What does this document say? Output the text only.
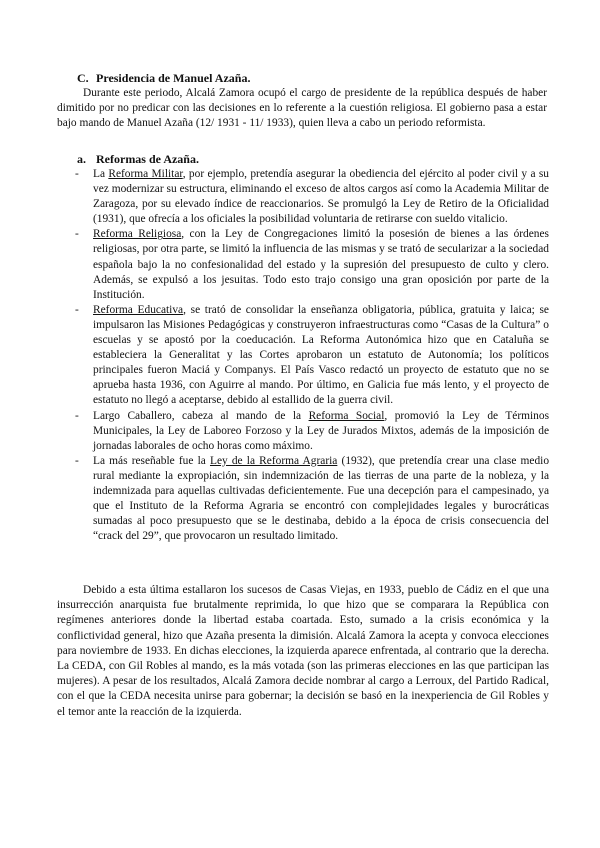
C. Presidencia de Manuel Azaña.

Durante este periodo, Alcalá Zamora ocupó el cargo de presidente de la república después de haber dimitido por no predicar con las decisiones en lo referente a la cuestión religiosa. El gobierno pasa a estar bajo mando de Manuel Azaña (12/ 1931 - 11/ 1933), quien lleva a cabo un periodo reformista.

a. Reformas de Azaña.
- La Reforma Militar, por ejemplo, pretendía asegurar la obediencia del ejército al poder civil y a su vez modernizar su estructura, eliminando el exceso de altos cargos así como la Academia Militar de Zaragoza, por su elevado índice de reaccionarios. Se promulgó la Ley de Retiro de la Oficialidad (1931), que ofrecía a los oficiales la posibilidad voluntaria de retirarse con sueldo vitalicio.
- Reforma Religiosa, con la Ley de Congregaciones limitó la posesión de bienes a las órdenes religiosas, por otra parte, se limitó la influencia de las mismas y se trató de secularizar a la sociedad española bajo la no confesionalidad del estado y la supresión del presupuesto de culto y clero. Además, se expulsó a los jesuitas. Todo esto trajo consigo una gran oposición por parte de la Institución.
- Reforma Educativa, se trató de consolidar la enseñanza obligatoria, pública, gratuita y laica; se impulsaron las Misiones Pedagógicas y construyeron infraestructuras como “Casas de la Cultura” o escuelas y se apostó por la coeducación. La Reforma Autonómica hizo que en Cataluña se estableciera la Generalitat y las Cortes aprobaron un estatuto de Autonomía; los políticos principales fueron Maciá y Companys. El País Vasco redactó un proyecto de estatuto que no se aprueba hasta 1936, con Aguirre al mando. Por último, en Galicia fue más lento, y el proyecto de estatuto no llegó a aceptarse, debido al estallido de la guerra civil.
- Largo Caballero, cabeza al mando de la Reforma Social, promovió la Ley de Términos Municipales, la Ley de Laboreo Forzoso y la Ley de Jurados Mixtos, además de la imposición de jornadas laborales de ocho horas como máximo.
- La más reseñable fue la Ley de la Reforma Agraria (1932), que pretendía crear una clase medio rural mediante la expropiación, sin indemnización de las tierras de una parte de la nobleza, y la indemnizada para aquellas cultivadas deficientemente. Fue una decepción para el campesinado, ya que el Instituto de la Reforma Agraria se encontró con complejidades legales y burocráticas sumadas al poco presupuesto que se le destinaba, debido a la época de crisis consecuencia del “crack del 29”, que provocaron un resultado limitado.

Debido a esta última estallaron los sucesos de Casas Viejas, en 1933, pueblo de Cádiz en el que una insurrección anarquista fue brutalmente reprimida, lo que hizo que se comparara la República con regímenes anteriores donde la libertad estaba coartada. Esto, sumado a la crisis económica y la conflictividad general, hizo que Azaña presenta la dimisión. Alcalá Zamora la acepta y convoca elecciones para noviembre de 1933. En dichas elecciones, la izquierda aparece enfrentada, al contrario que la derecha. La CEDA, con Gil Robles al mando, es la más votada (son las primeras elecciones en las que participan las mujeres). A pesar de los resultados, Alcalá Zamora decide nombrar al cargo a Lerroux, del Partido Radical, con el que la CEDA necesita unirse para gobernar; la decisión se basó en la inexperiencia de Gil Robles y el temor ante la reacción de la izquierda.
